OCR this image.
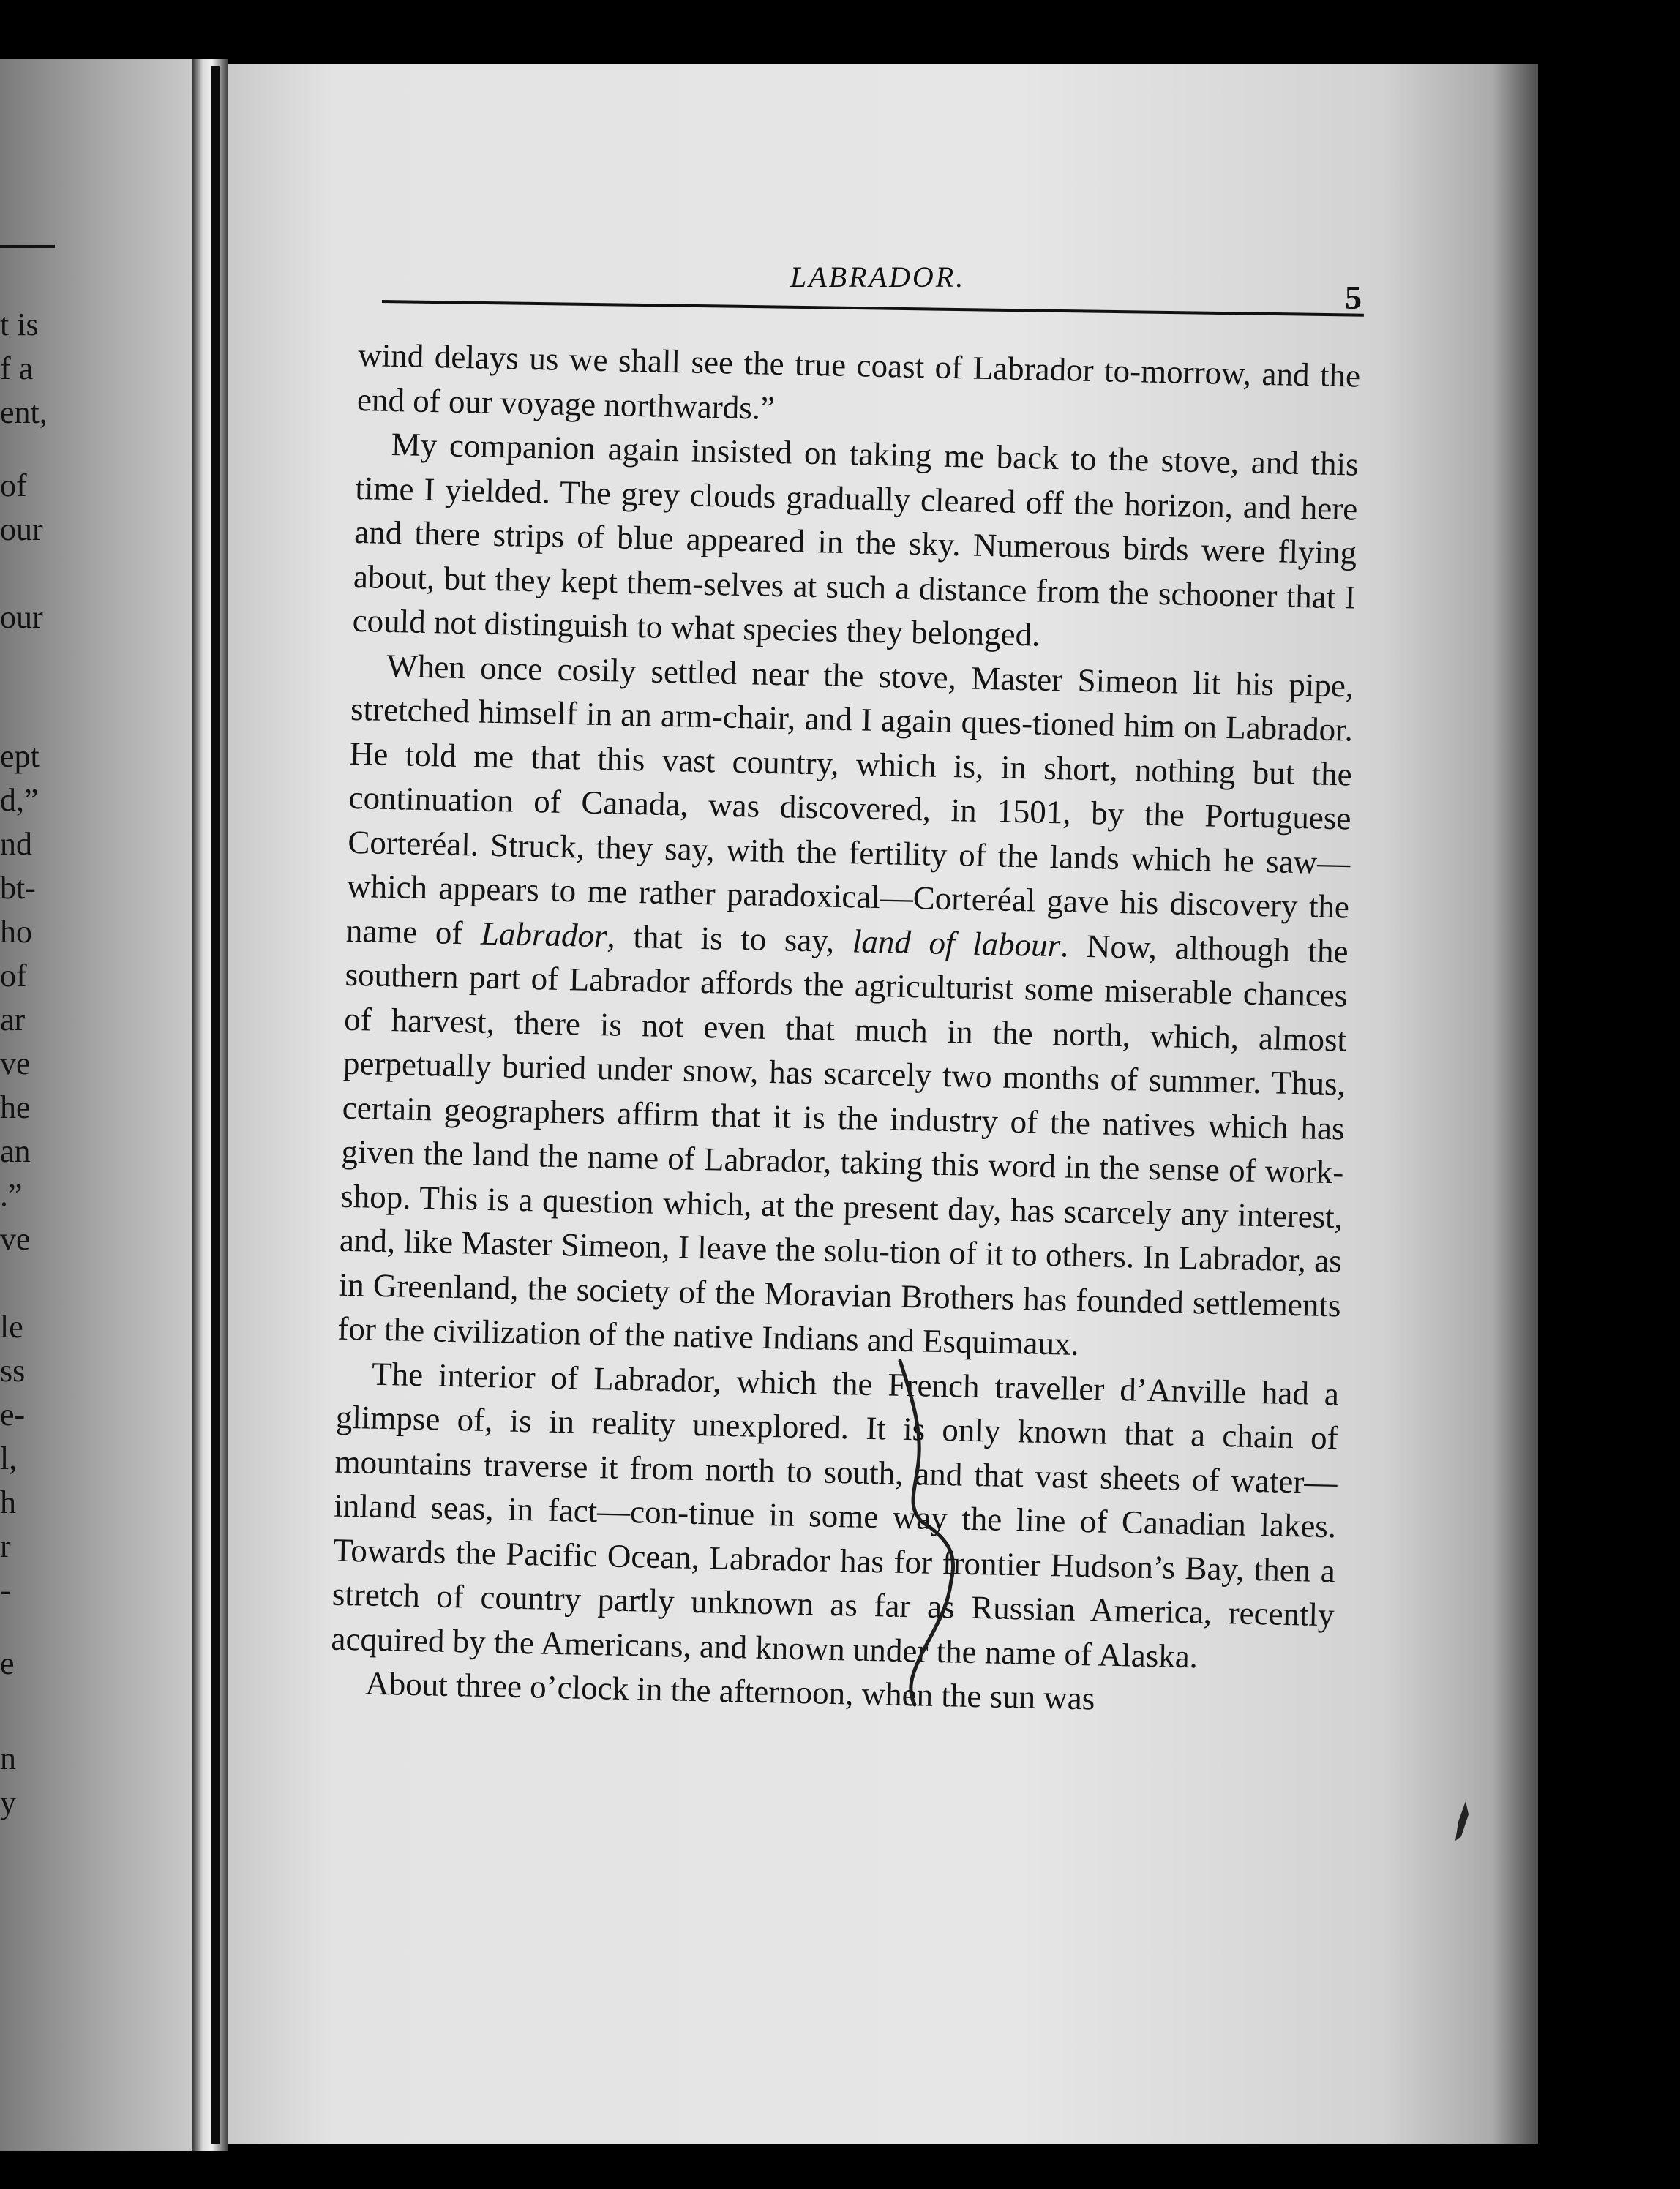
t is
f a
ent,
of
our
our
ept
d,”
nd
bt-
ho
of
ar
ve
he
an
.”
ve
le
ss
e-
l,
h
r
-
e
n
y
LABRADOR.
5

wind delays us we shall see the true coast of Labrador to-morrow, and the end of our voyage northwards.”

My companion again insisted on taking me back to the stove, and this time I yielded. The grey clouds gradually cleared off the horizon, and here and there strips of blue appeared in the sky. Numerous birds were flying about, but they kept them-selves at such a distance from the schooner that I could not distinguish to what species they belonged.

When once cosily settled near the stove, Master Simeon lit his pipe, stretched himself in an arm-chair, and I again ques-tioned him on Labrador. He told me that this vast country, which is, in short, nothing but the continuation of Canada, was discovered, in 1501, by the Portuguese Corteréal. Struck, they say, with the fertility of the lands which he saw—which appears to me rather paradoxical—Corteréal gave his discovery the name of Labrador, that is to say, land of labour. Now, although the southern part of Labrador affords the agriculturist some miserable chances of harvest, there is not even that much in the north, which, almost perpetually buried under snow, has scarcely two months of summer. Thus, certain geographers affirm that it is the industry of the natives which has given the land the name of Labrador, taking this word in the sense of work-shop. This is a question which, at the present day, has scarcely any interest, and, like Master Simeon, I leave the solu-tion of it to others. In Labrador, as in Greenland, the society of the Moravian Brothers has founded settlements for the civilization of the native Indians and Esquimaux.

The interior of Labrador, which the French traveller d’Anville had a glimpse of, is in reality unexplored. It is only known that a chain of mountains traverse it from north to south, and that vast sheets of water—inland seas, in fact—con-tinue in some way the line of Canadian lakes. Towards the Pacific Ocean, Labrador has for frontier Hudson’s Bay, then a stretch of country partly unknown as far as Russian America, recently acquired by the Americans, and known under the name of Alaska.

About three o’clock in the afternoon, when the sun was
